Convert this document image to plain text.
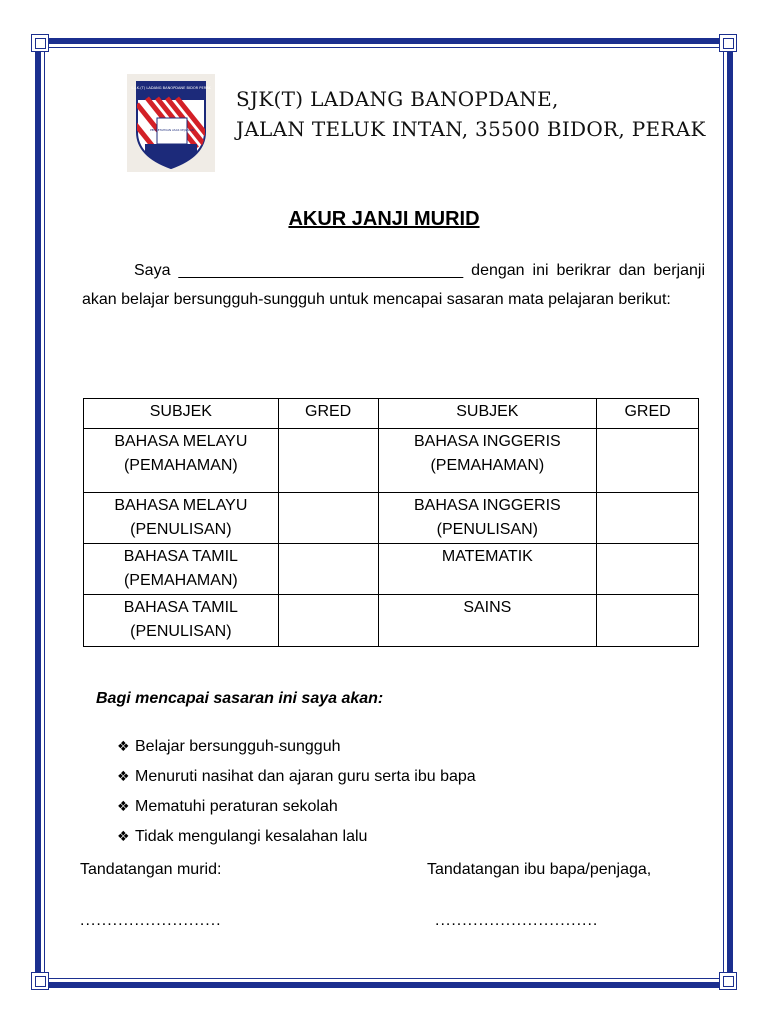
S.J.K.(T) LADANG BANOPDANE BIDOR PERAK
PENGETAHUAN ASAS KEJAYAAN
SJK(T) LADANG BANOPDANE,
JALAN TELUK INTAN, 35500 BIDOR, PERAK
AKUR JANJI MURID
Saya ________________________________ dengan ini berikrar dan berjanji akan belajar bersungguh-sungguh untuk mencapai sasaran mata pelajaran berikut:
SUBJEK	GRED	SUBJEK	GRED
BAHASA MELAYU (PEMAHAMAN)		BAHASA INGGERIS (PEMAHAMAN)	
BAHASA MELAYU (PENULISAN)		BAHASA INGGERIS (PENULISAN)	
BAHASA TAMIL (PEMAHAMAN)		MATEMATIK	
BAHASA TAMIL (PENULISAN)		SAINS	
Bagi mencapai sasaran ini saya akan:
❖ Belajar bersungguh-sungguh
❖ Menuruti nasihat dan ajaran guru serta ibu bapa
❖ Mematuhi peraturan sekolah
❖ Tidak mengulangi kesalahan lalu
Tandatangan murid:	Tandatangan ibu bapa/penjaga,
..........................	..............................
